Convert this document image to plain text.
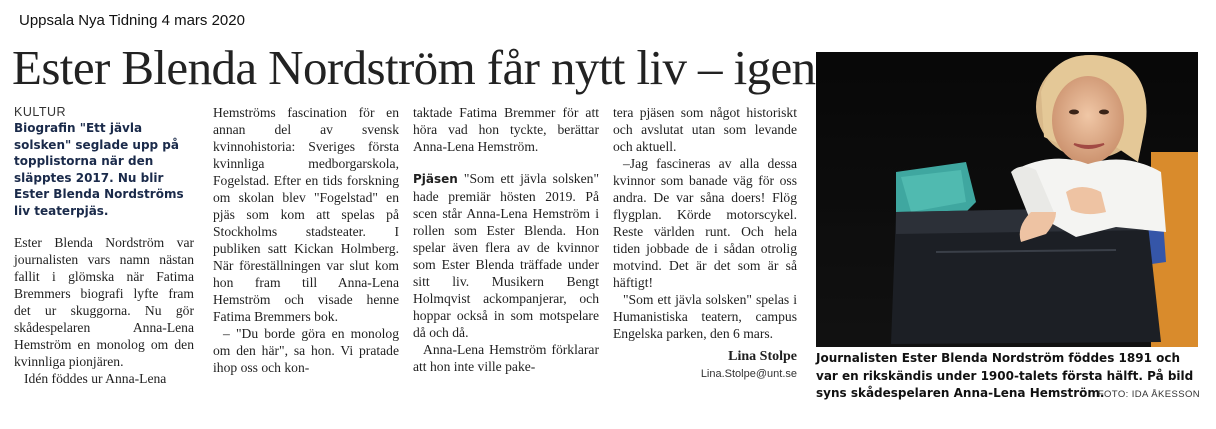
Uppsala Nya Tidning 4 mars 2020
Ester Blenda Nordström får nytt liv – igen
KULTUR
Biografin "Ett jävla solsken" seglade upp på topplistorna när den släpptes 2017. Nu blir Ester Blenda Nordströms liv teaterpjäs.

Ester Blenda Nordström var journalisten vars namn nästan fallit i glömska när Fatima Bremmers biografi lyfte fram det ur skuggorna. Nu gör skådespelaren Anna-Lena Hemström en monolog om den kvinnliga pionjären.

Idén föddes ur Anna-Lena

Hemströms fascination för en annan del av svensk kvinnohistoria: Sveriges första kvinnliga medborgarskola, Fogelstad. Efter en tids forskning om skolan blev "Fogelstad" en pjäs som kom att spelas på Stockholms stadsteater. I publiken satt Kickan Holmberg. När föreställningen var slut kom hon fram till Anna-Lena Hemström och visade henne Fatima Bremmers bok.

– "Du borde göra en monolog om den här", sa hon. Vi pratade ihop oss och kon-

taktade Fatima Bremmer för att höra vad hon tyckte, berättar Anna-Lena Hemström.

Pjäsen "Som ett jävla solsken" hade premiär hösten 2019. På scen står Anna-Lena Hemström i rollen som Ester Blenda. Hon spelar även flera av de kvinnor som Ester Blenda träffade under sitt liv. Musikern Bengt Holmqvist ackompanjerar, och hoppar också in som motspelare då och då.

Anna-Lena Hemström förklarar att hon inte ville pake-

tera pjäsen som något historiskt och avslutat utan som levande och aktuell.

–Jag fascineras av alla dessa kvinnor som banade väg för oss andra. De var såna doers! Flög flygplan. Körde motorscykel. Reste världen runt. Och hela tiden jobbade de i sådan otrolig motvind. Det är det som är så häftigt!

"Som ett jävla solsken" spelas i Humanistiska teatern, campus Engelska parken, den 6 mars.

Lina Stolpe
Lina.Stolpe@unt.se
Journalisten Ester Blenda Nordström föddes 1891 och var en rikskändis under 1900-talets första hälft. På bild syns skådespelaren Anna-Lena Hemström.
FOTO: IDA ÅKESSON
